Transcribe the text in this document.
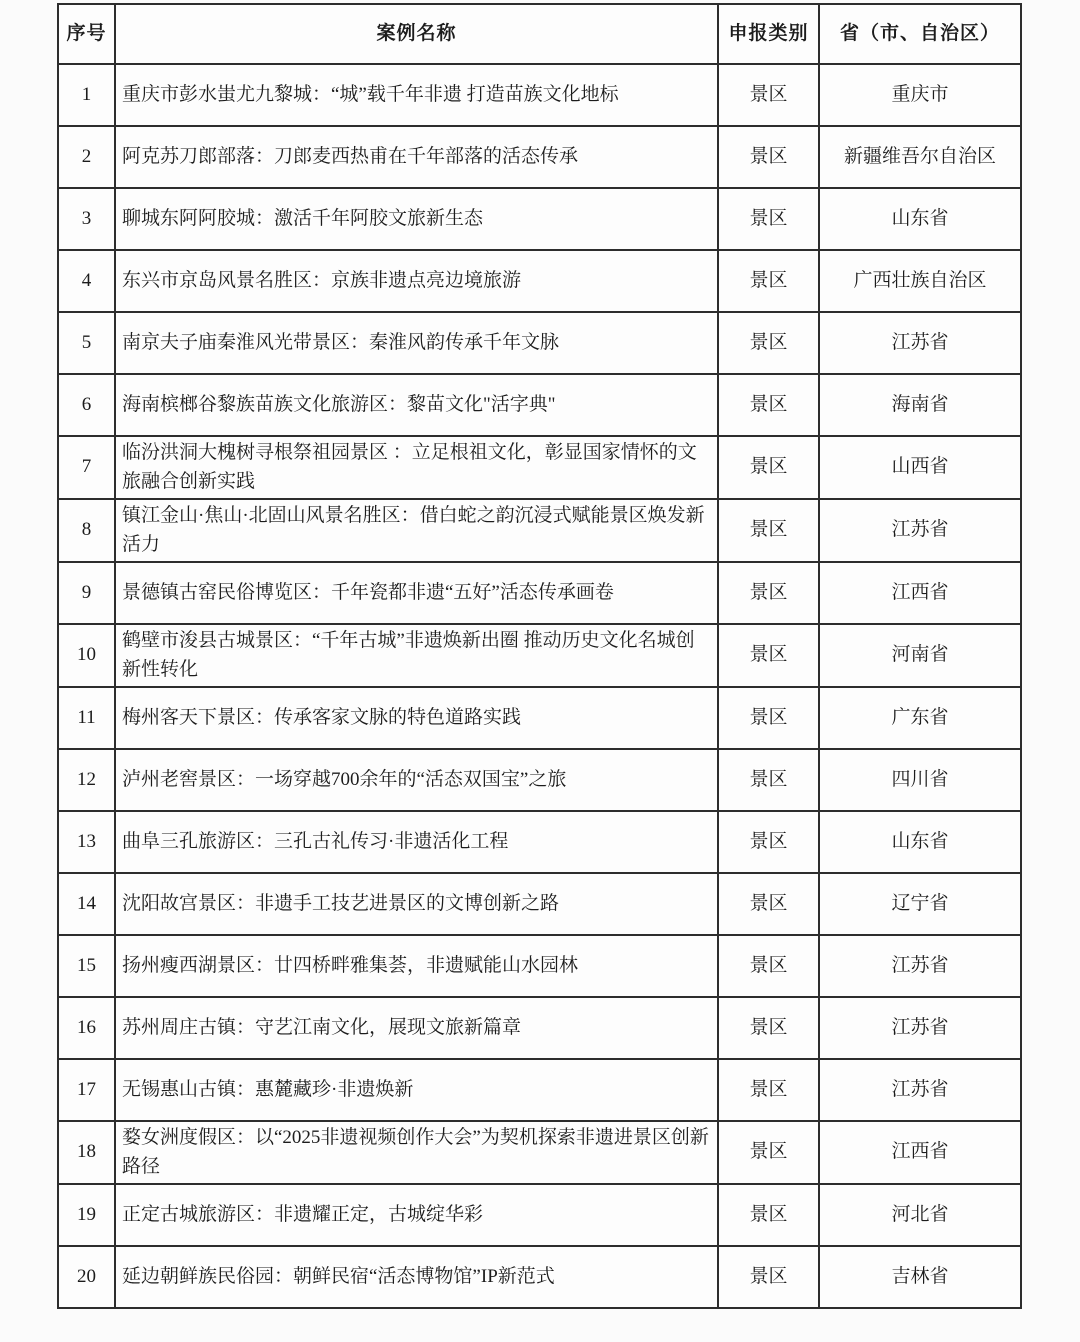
序号	案例名称	申报类别	省（市、自治区）
1	重庆市彭水蚩尤九黎城：“城”载千年非遗 打造苗族文化地标	景区	重庆市
2	阿克苏刀郎部落：刀郎麦西热甫在千年部落的活态传承	景区	新疆维吾尔自治区
3	聊城东阿阿胶城：激活千年阿胶文旅新生态	景区	山东省
4	东兴市京岛风景名胜区：京族非遗点亮边境旅游	景区	广西壮族自治区
5	南京夫子庙秦淮风光带景区：秦淮风韵传承千年文脉	景区	江苏省
6	海南槟榔谷黎族苗族文化旅游区：黎苗文化"活字典"	景区	海南省
7	临汾洪洞大槐树寻根祭祖园景区 ：立足根祖文化，彰显国家情怀的文旅融合创新实践	景区	山西省
8	镇江金山·焦山·北固山风景名胜区：借白蛇之韵沉浸式赋能景区焕发新活力	景区	江苏省
9	景德镇古窑民俗博览区：千年瓷都非遗“五好”活态传承画卷	景区	江西省
10	鹤壁市浚县古城景区：“千年古城”非遗焕新出圈 推动历史文化名城创新性转化	景区	河南省
11	梅州客天下景区：传承客家文脉的特色道路实践	景区	广东省
12	泸州老窖景区：一场穿越700余年的“活态双国宝”之旅	景区	四川省
13	曲阜三孔旅游区：三孔古礼传习·非遗活化工程	景区	山东省
14	沈阳故宫景区：非遗手工技艺进景区的文博创新之路	景区	辽宁省
15	扬州瘦西湖景区：廿四桥畔雅集荟，非遗赋能山水园林	景区	江苏省
16	苏州周庄古镇：守艺江南文化，展现文旅新篇章	景区	江苏省
17	无锡惠山古镇：惠麓藏珍·非遗焕新	景区	江苏省
18	婺女洲度假区：以“2025非遗视频创作大会”为契机探索非遗进景区创新路径	景区	江西省
19	正定古城旅游区：非遗耀正定，古城绽华彩	景区	河北省
20	延边朝鲜族民俗园：朝鲜民宿“活态博物馆”IP新范式	景区	吉林省
